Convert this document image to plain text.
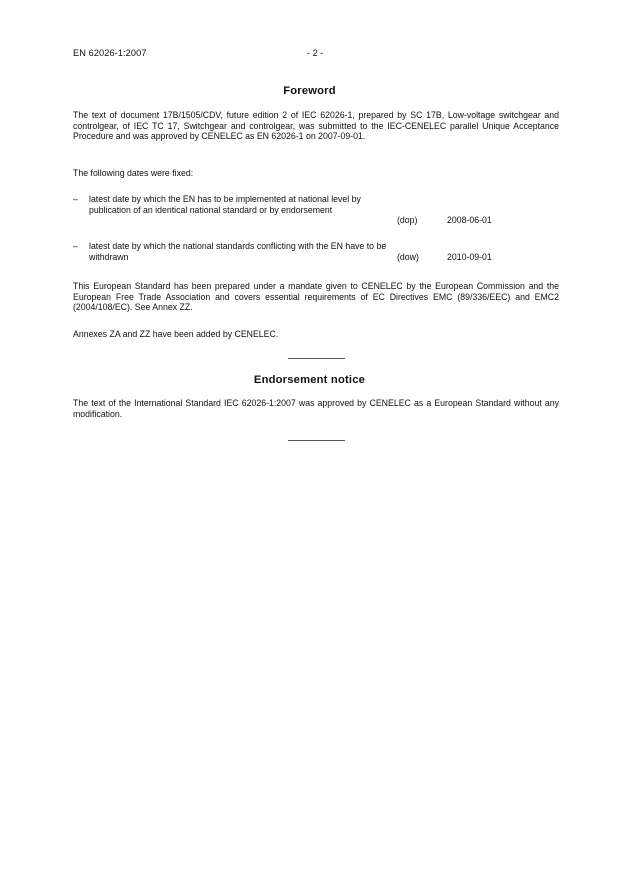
EN 62026-1:2007	- 2 -
Foreword
The text of document 17B/1505/CDV, future edition 2 of IEC 62026-1, prepared by SC 17B, Low-voltage switchgear and controlgear, of IEC TC 17, Switchgear and controlgear, was submitted to the IEC-CENELEC parallel Unique Acceptance Procedure and was approved by CENELEC as EN 62026-1 on 2007-09-01.
The following dates were fixed:
– latest date by which the EN has to be implemented at national level by publication of an identical national standard or by endorsement
(dop)	2008-06-01
– latest date by which the national standards conflicting with the EN have to be withdrawn	(dow)	2010-09-01
This European Standard has been prepared under a mandate given to CENELEC by the European Commission and the European Free Trade Association and covers essential requirements of EC Directives EMC (89/336/EEC) and EMC2 (2004/108/EC). See Annex ZZ.
Annexes ZA and ZZ have been added by CENELEC.
Endorsement notice
The text of the International Standard IEC 62026-1:2007 was approved by CENELEC as a European Standard without any modification.
